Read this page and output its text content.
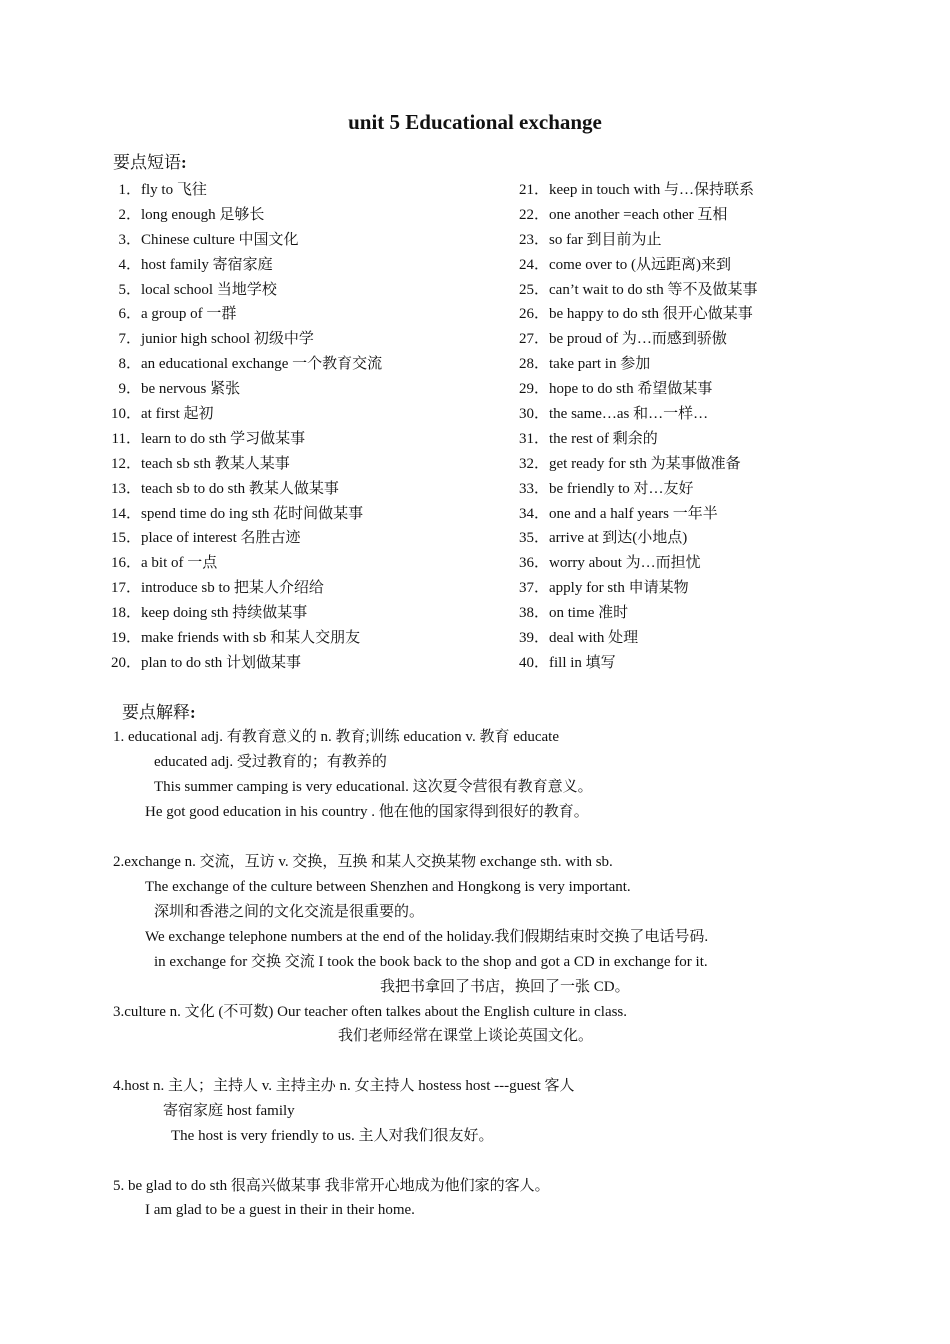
unit 5 Educational exchange

要点短语:

1 ． fly to 飞往
2 ． long enough 足够长
3 ． Chinese culture 中国文化
4 ． host family 寄宿家庭
5 ． local school 当地学校
6 ． a group of 一群
7 ． junior high school 初级中学
8 ． an educational exchange 一个教育交流
9 ． be nervous 紧张
10 ． at first 起初
11 ． learn to do sth 学习做某事
12 ． teach sb sth 教某人某事
13 ． teach sb to do sth 教某人做某事
14 ． spend time do ing sth 花时间做某事
15 ． place of interest 名胜古迹
16 ． a bit of 一点
17 ． introduce sb to 把某人介绍给
18 ． keep doing sth 持续做某事
19 ． make friends with sb 和某人交朋友
20 ． plan to do sth 计划做某事
21 ． keep in touch with 与…保持联系
22 ． one another =each other 互相
23 ． so far 到目前为止
24 ． come over to (从远距离)来到
25 ． can’t wait to do sth 等不及做某事
26 ． be happy to do sth 很开心做某事
27 ． be proud of 为…而感到骄傲
28 ． take part in 参加
29 ． hope to do sth 希望做某事
30 ． the same…as 和…一样…
31 ． the rest of 剩余的
32 ． get ready for sth 为某事做准备
33 ． be friendly to 对…友好
34 ． one and a half years 一年半
35 ． arrive at 到达(小地点)
36 ． worry about 为…而担忧
37 ． apply for sth 申请某物
38 ． on time 准时
39 ． deal with 处理
40 ． fill in 填写

要点解释:

1. educational adj. 有教育意义的 n. 教育;训练 education v. 教育 educate

educated adj. 受过教育的；有教养的

This summer camping is very educational. 这次夏令营很有教育意义。

He got good education in his country . 他在他的国家得到很好的教育。

2.exchange n. 交流，互访 v. 交换，互换 和某人交换某物 exchange sth. with sb.

The exchange of the culture between Shenzhen and Hongkong is very important.

深圳和香港之间的文化交流是很重要的。

We exchange telephone numbers at the end of the holiday.我们假期结束时交换了电话号码.

in exchange for 交换 交流 I took the book back to the shop and got a CD in exchange for it.

我把书拿回了书店，换回了一张 CD。

3.culture n. 文化 (不可数) Our teacher often talkes about the English culture in class.

我们老师经常在课堂上谈论英国文化。

4.host n. 主人；主持人 v. 主持主办 n. 女主持人 hostess host ---guest 客人

寄宿家庭 host family

The host is very friendly to us. 主人对我们很友好。

5. be glad to do sth 很高兴做某事 我非常开心地成为他们家的客人。

I am glad to be a guest in their in their home.
